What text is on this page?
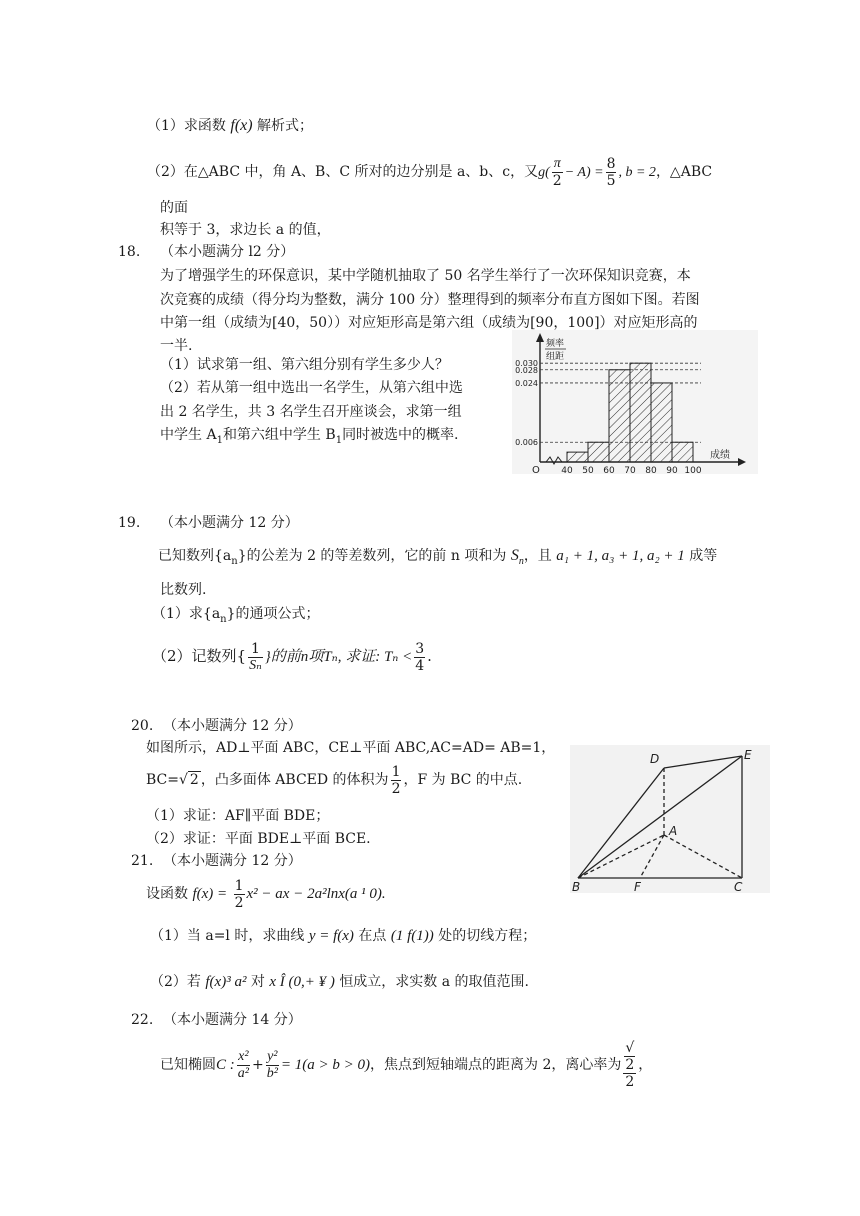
（1）求函数 f(x) 解析式；
（2）在△ABC 中，角 A、B、C 所对的边分别是 a、b、c，又$g( \frac{\pi}{2} - A) = \frac{8}{5}$ , b = 2，△ABC
的面
积等于 3，求边长 a 的值，
18. （本小题满分 l2 分）
为了增强学生的环保意识，某中学随机抽取了 50 名学生举行了一次环保知识竞赛，本
次竞赛的成绩（得分均为整数，满分 100 分）整理得到的频率分布直方图如下图。若图
中第一组（成绩为[40，50））对应矩形高是第六组（成绩为[90，100]）对应矩形高的
一半.
（1）试求第一组、第六组分别有学生多少人？
（2）若从第一组中选出一名学生，从第六组中选
出 2 名学生，共 3 名学生召开座谈会，求第一组
中学生 $A_1$和第六组中学生 $B_1$同时被选中的概率.
0.030
0.028
0.024
0.006
40 50 60 70 80 90 100
O
频率
组距
成绩
19. （本小题满分 12 分）
已知数列$\{a_n\}$的公差为 2 的等差数列，它的前 n 项和为 $S_n$，且 a₁ + 1, a₃ + 1, a₂ + 1 成等
比数列.
（1）求$\{a_n\}$的通项公式；
（2）记数列{ $\frac{1}{\text{Sₙ}}$ }的前n项Tₙ, 求证: $T_n < \frac{3}{4}$ .
20. （本小题满分 12 分）
如图所示，AD⊥平面 ABC，CE⊥平面 ABC,AC=AD= AB=1，
BC=√ 2 ，凸多面体 ABCED 的体积为 $\frac{1}{2}$ ，F 为 BC 的中点.
（1）求证：AF∥平面 BDE；
（2）求证：平面 BDE⊥平面 BCE.
D	E
A
B	F	C
21. （本小题满分 12 分）
设函数 $f(x) = \frac{1}{2} x^2$ − ax − 2a²lnx(a ¹ 0).
（1）当 a=l 时，求曲线 y = f(x) 在点 (1 f(1)) 处的切线方程；
（2）若 f(x)³ a² 对 x Î (0,+ ¥ ) 恒成立，求实数 a 的取值范围.
22. （本小题满分 14 分）
已知椭圆C : $\frac{\text{x²}}{\text{a²}} + \frac{\text{y²}}{\text{b²}} = 1(a > b > 0)$，焦点到短轴端点的距离为 2，离心率为 √
2
2 ，
